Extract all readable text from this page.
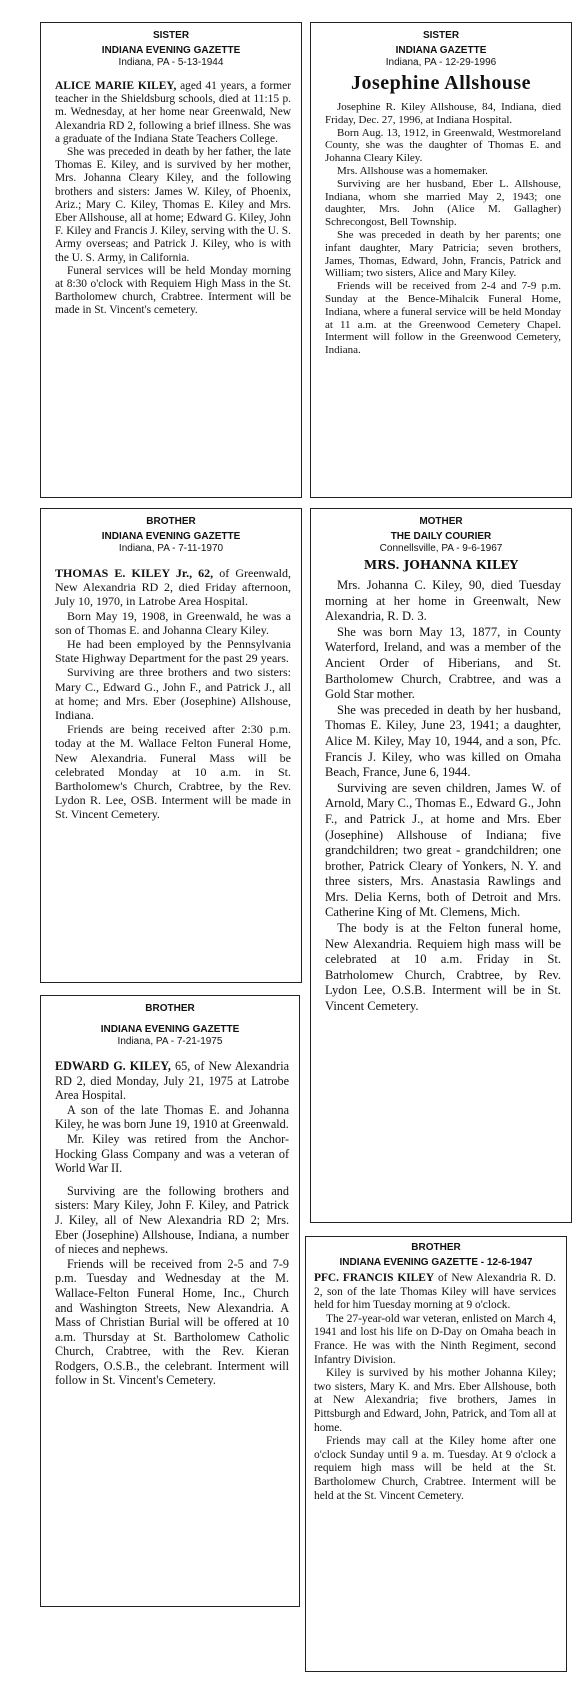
SISTER
INDIANA EVENING GAZETTE
Indiana, PA - 5-13-1944

ALICE MARIE KILEY, aged 41 years, a former teacher in the Shieldsburg schools, died at 11:15 p. m. Wednesday, at her home near Greenwald, New Alexandria RD 2, following a brief illness. She was a graduate of the Indiana State Teachers College.

She was preceded in death by her father, the late Thomas E. Kiley, and is survived by her mother, Mrs. Johanna Cleary Kiley, and the following brothers and sisters: James W. Kiley, of Phoenix, Ariz.; Mary C. Kiley, Thomas E. Kiley and Mrs. Eber Allshouse, all at home; Edward G. Kiley, John F. Kiley and Francis J. Kiley, serving with the U. S. Army overseas; and Patrick J. Kiley, who is with the U. S. Army, in California.

Funeral services will be held Monday morning at 8:30 o'clock with Requiem High Mass in the St. Bartholomew church, Crabtree. Interment will be made in St. Vincent's cemetery.

SISTER
INDIANA GAZETTE
Indiana, PA - 12-29-1996
Josephine Allshouse

Josephine R. Kiley Allshouse, 84, Indiana, died Friday, Dec. 27, 1996, at Indiana Hospital.

Born Aug. 13, 1912, in Greenwald, Westmoreland County, she was the daughter of Thomas E. and Johanna Cleary Kiley.

Mrs. Allshouse was a homemaker.

Surviving are her husband, Eber L. Allshouse, Indiana, whom she married May 2, 1943; one daughter, Mrs. John (Alice M. Gallagher) Schrecongost, Bell Township.

She was preceded in death by her parents; one infant daughter, Mary Patricia; seven brothers, James, Thomas, Edward, John, Francis, Patrick and William; two sisters, Alice and Mary Kiley.

Friends will be received from 2-4 and 7-9 p.m. Sunday at the Bence-Mihalcik Funeral Home, Indiana, where a funeral service will be held Monday at 11 a.m. at the Greenwood Cemetery Chapel. Interment will follow in the Greenwood Cemetery, Indiana.

BROTHER
INDIANA EVENING GAZETTE
Indiana, PA - 7-11-1970

THOMAS E. KILEY Jr., 62, of Greenwald, New Alexandria RD 2, died Friday afternoon, July 10, 1970, in Latrobe Area Hospital.

Born May 19, 1908, in Greenwald, he was a son of Thomas E. and Johanna Cleary Kiley.

He had been employed by the Pennsylvania State Highway Department for the past 29 years.

Surviving are three brothers and two sisters: Mary C., Edward G., John F., and Patrick J., all at home; and Mrs. Eber (Josephine) Allshouse, Indiana.

Friends are being received after 2:30 p.m. today at the M. Wallace Felton Funeral Home, New Alexandria. Funeral Mass will be celebrated Monday at 10 a.m. in St. Bartholomew's Church, Crabtree, by the Rev. Lydon R. Lee, OSB. Interment will be made in St. Vincent Cemetery.

MOTHER
THE DAILY COURIER
Connellsville, PA - 9-6-1967
MRS. JOHANNA KILEY

Mrs. Johanna C. Kiley, 90, died Tuesday morning at her home in Greenwalt, New Alexandria, R. D. 3.

She was born May 13, 1877, in County Waterford, Ireland, and was a member of the Ancient Order of Hiberians, and St. Bartholomew Church, Crabtree, and was a Gold Star mother.

She was preceded in death by her husband, Thomas E. Kiley, June 23, 1941; a daughter, Alice M. Kiley, May 10, 1944, and a son, Pfc. Francis J. Kiley, who was killed on Omaha Beach, France, June 6, 1944.

Surviving are seven children, James W. of Arnold, Mary C., Thomas E., Edward G., John F., and Patrick J., at home and Mrs. Eber (Josephine) Allshouse of Indiana; five grandchildren; two great - grandchildren; one brother, Patrick Cleary of Yonkers, N. Y. and three sisters, Mrs. Anastasia Rawlings and Mrs. Delia Kerns, both of Detroit and Mrs. Catherine King of Mt. Clemens, Mich.

The body is at the Felton funeral home, New Alexandria. Requiem high mass will be celebrated at 10 a.m. Friday in St. Batrholomew Church, Crabtree, by Rev. Lydon Lee, O.S.B. Interment will be in St. Vincent Cemetery.

BROTHER
INDIANA EVENING GAZETTE
Indiana, PA - 7-21-1975

EDWARD G. KILEY, 65, of New Alexandria RD 2, died Monday, July 21, 1975 at Latrobe Area Hospital.

A son of the late Thomas E. and Johanna Kiley, he was born June 19, 1910 at Greenwald.

Mr. Kiley was retired from the Anchor-Hocking Glass Company and was a veteran of World War II.

Surviving are the following brothers and sisters: Mary Kiley, John F. Kiley, and Patrick J. Kiley, all of New Alexandria RD 2; Mrs. Eber (Josephine) Allshouse, Indiana, a number of nieces and nephews.

Friends will be received from 2-5 and 7-9 p.m. Tuesday and Wednesday at the M. Wallace-Felton Funeral Home, Inc., Church and Washington Streets, New Alexandria. A Mass of Christian Burial will be offered at 10 a.m. Thursday at St. Bartholomew Catholic Church, Crabtree, with the Rev. Kieran Rodgers, O.S.B., the celebrant. Interment will follow in St. Vincent's Cemetery.

BROTHER
INDIANA EVENING GAZETTE - 12-6-1947

PFC. FRANCIS KILEY of New Alexandria R. D. 2, son of the late Thomas Kiley will have services held for him Tuesday morning at 9 o'clock.

The 27-year-old war veteran, enlisted on March 4, 1941 and lost his life on D-Day on Omaha beach in France. He was with the Ninth Regiment, second Infantry Division.

Kiley is survived by his mother Johanna Kiley; two sisters, Mary K. and Mrs. Eber Allshouse, both at New Alexandria; five brothers, James in Pittsburgh and Edward, John, Patrick, and Tom all at home.

Friends may call at the Kiley home after one o'clock Sunday until 9 a. m. Tuesday. At 9 o'clock a requiem high mass will be held at the St. Bartholomew Church, Crabtree. Interment will be held at the St. Vincent Cemetery.
